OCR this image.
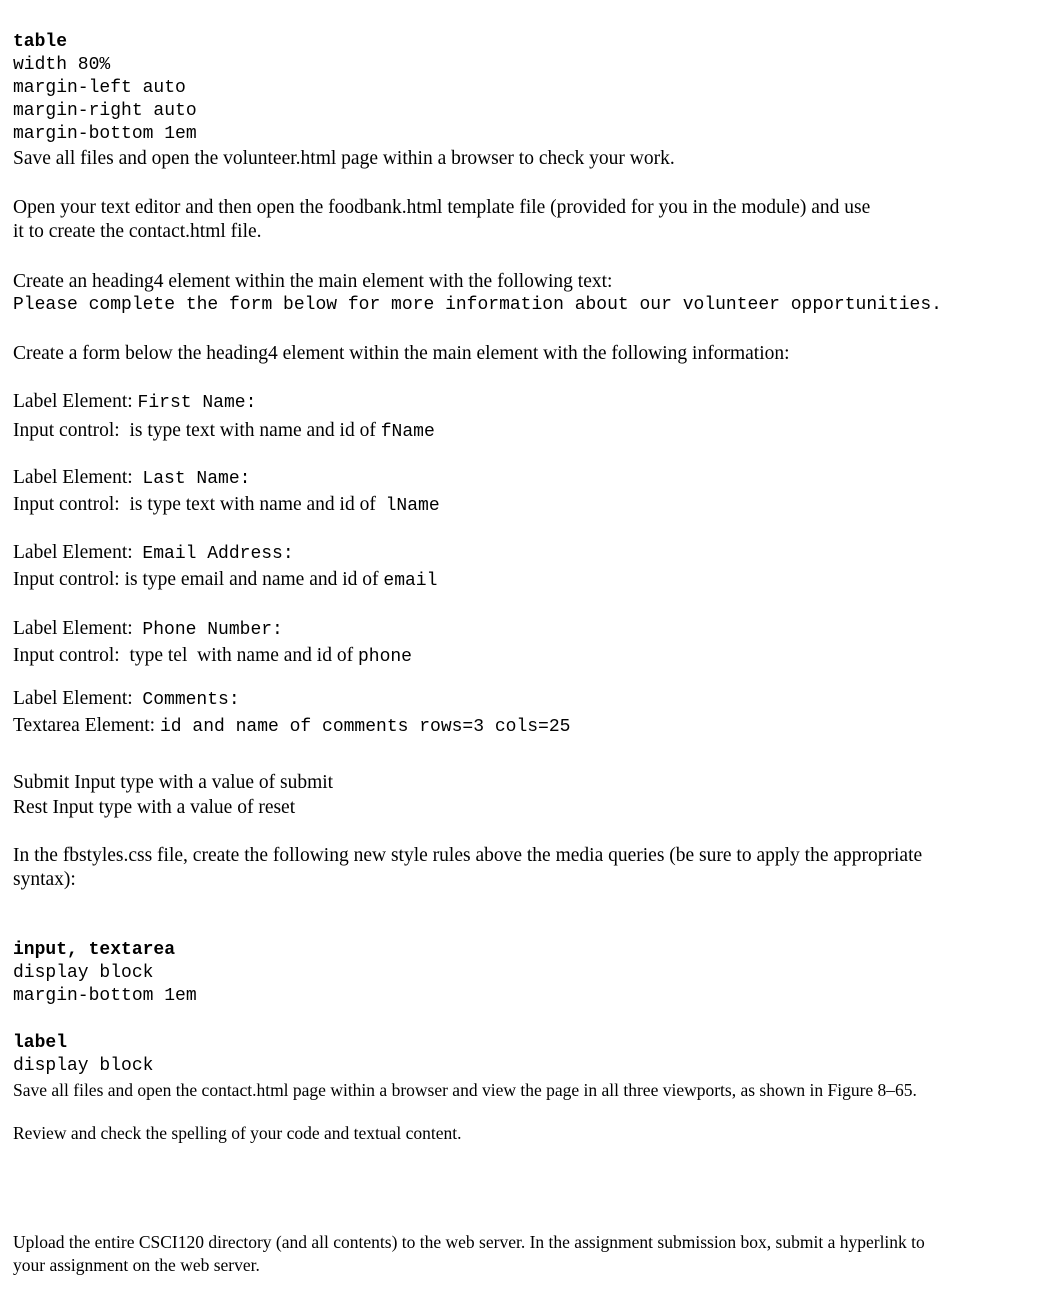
table
width 80%
margin-left auto
margin-right auto
margin-bottom 1em
Save all files and open the volunteer.html page within a browser to check your work.
Open your text editor and then open the foodbank.html template file (provided for you in the module) and use
it to create the contact.html file.
Create an heading4 element within the main element with the following text:
Please complete the form below for more information about our volunteer opportunities.
Create a form below the heading4 element within the main element with the following information:
Label Element: First Name:
Input control:  is type text with name and id of fName
Label Element:  Last Name:
Input control:  is type text with name and id of  lName
Label Element:  Email Address:
Input control: is type email and name and id of email
Label Element:  Phone Number:
Input control:  type tel  with name and id of phone
Label Element:  Comments:
Textarea Element: id and name of comments rows=3 cols=25
Submit Input type with a value of submit
Rest Input type with a value of reset
In the fbstyles.css file, create the following new style rules above the media queries (be sure to apply the appropriate
syntax):

input, textarea
display block
margin-bottom 1em

label
display block
Save all files and open the contact.html page within a browser and view the page in all three viewports, as shown in Figure 8–65.
Review and check the spelling of your code and textual content.
Upload the entire CSCI120 directory (and all contents) to the web server. In the assignment submission box, submit a hyperlink to
your assignment on the web server.
